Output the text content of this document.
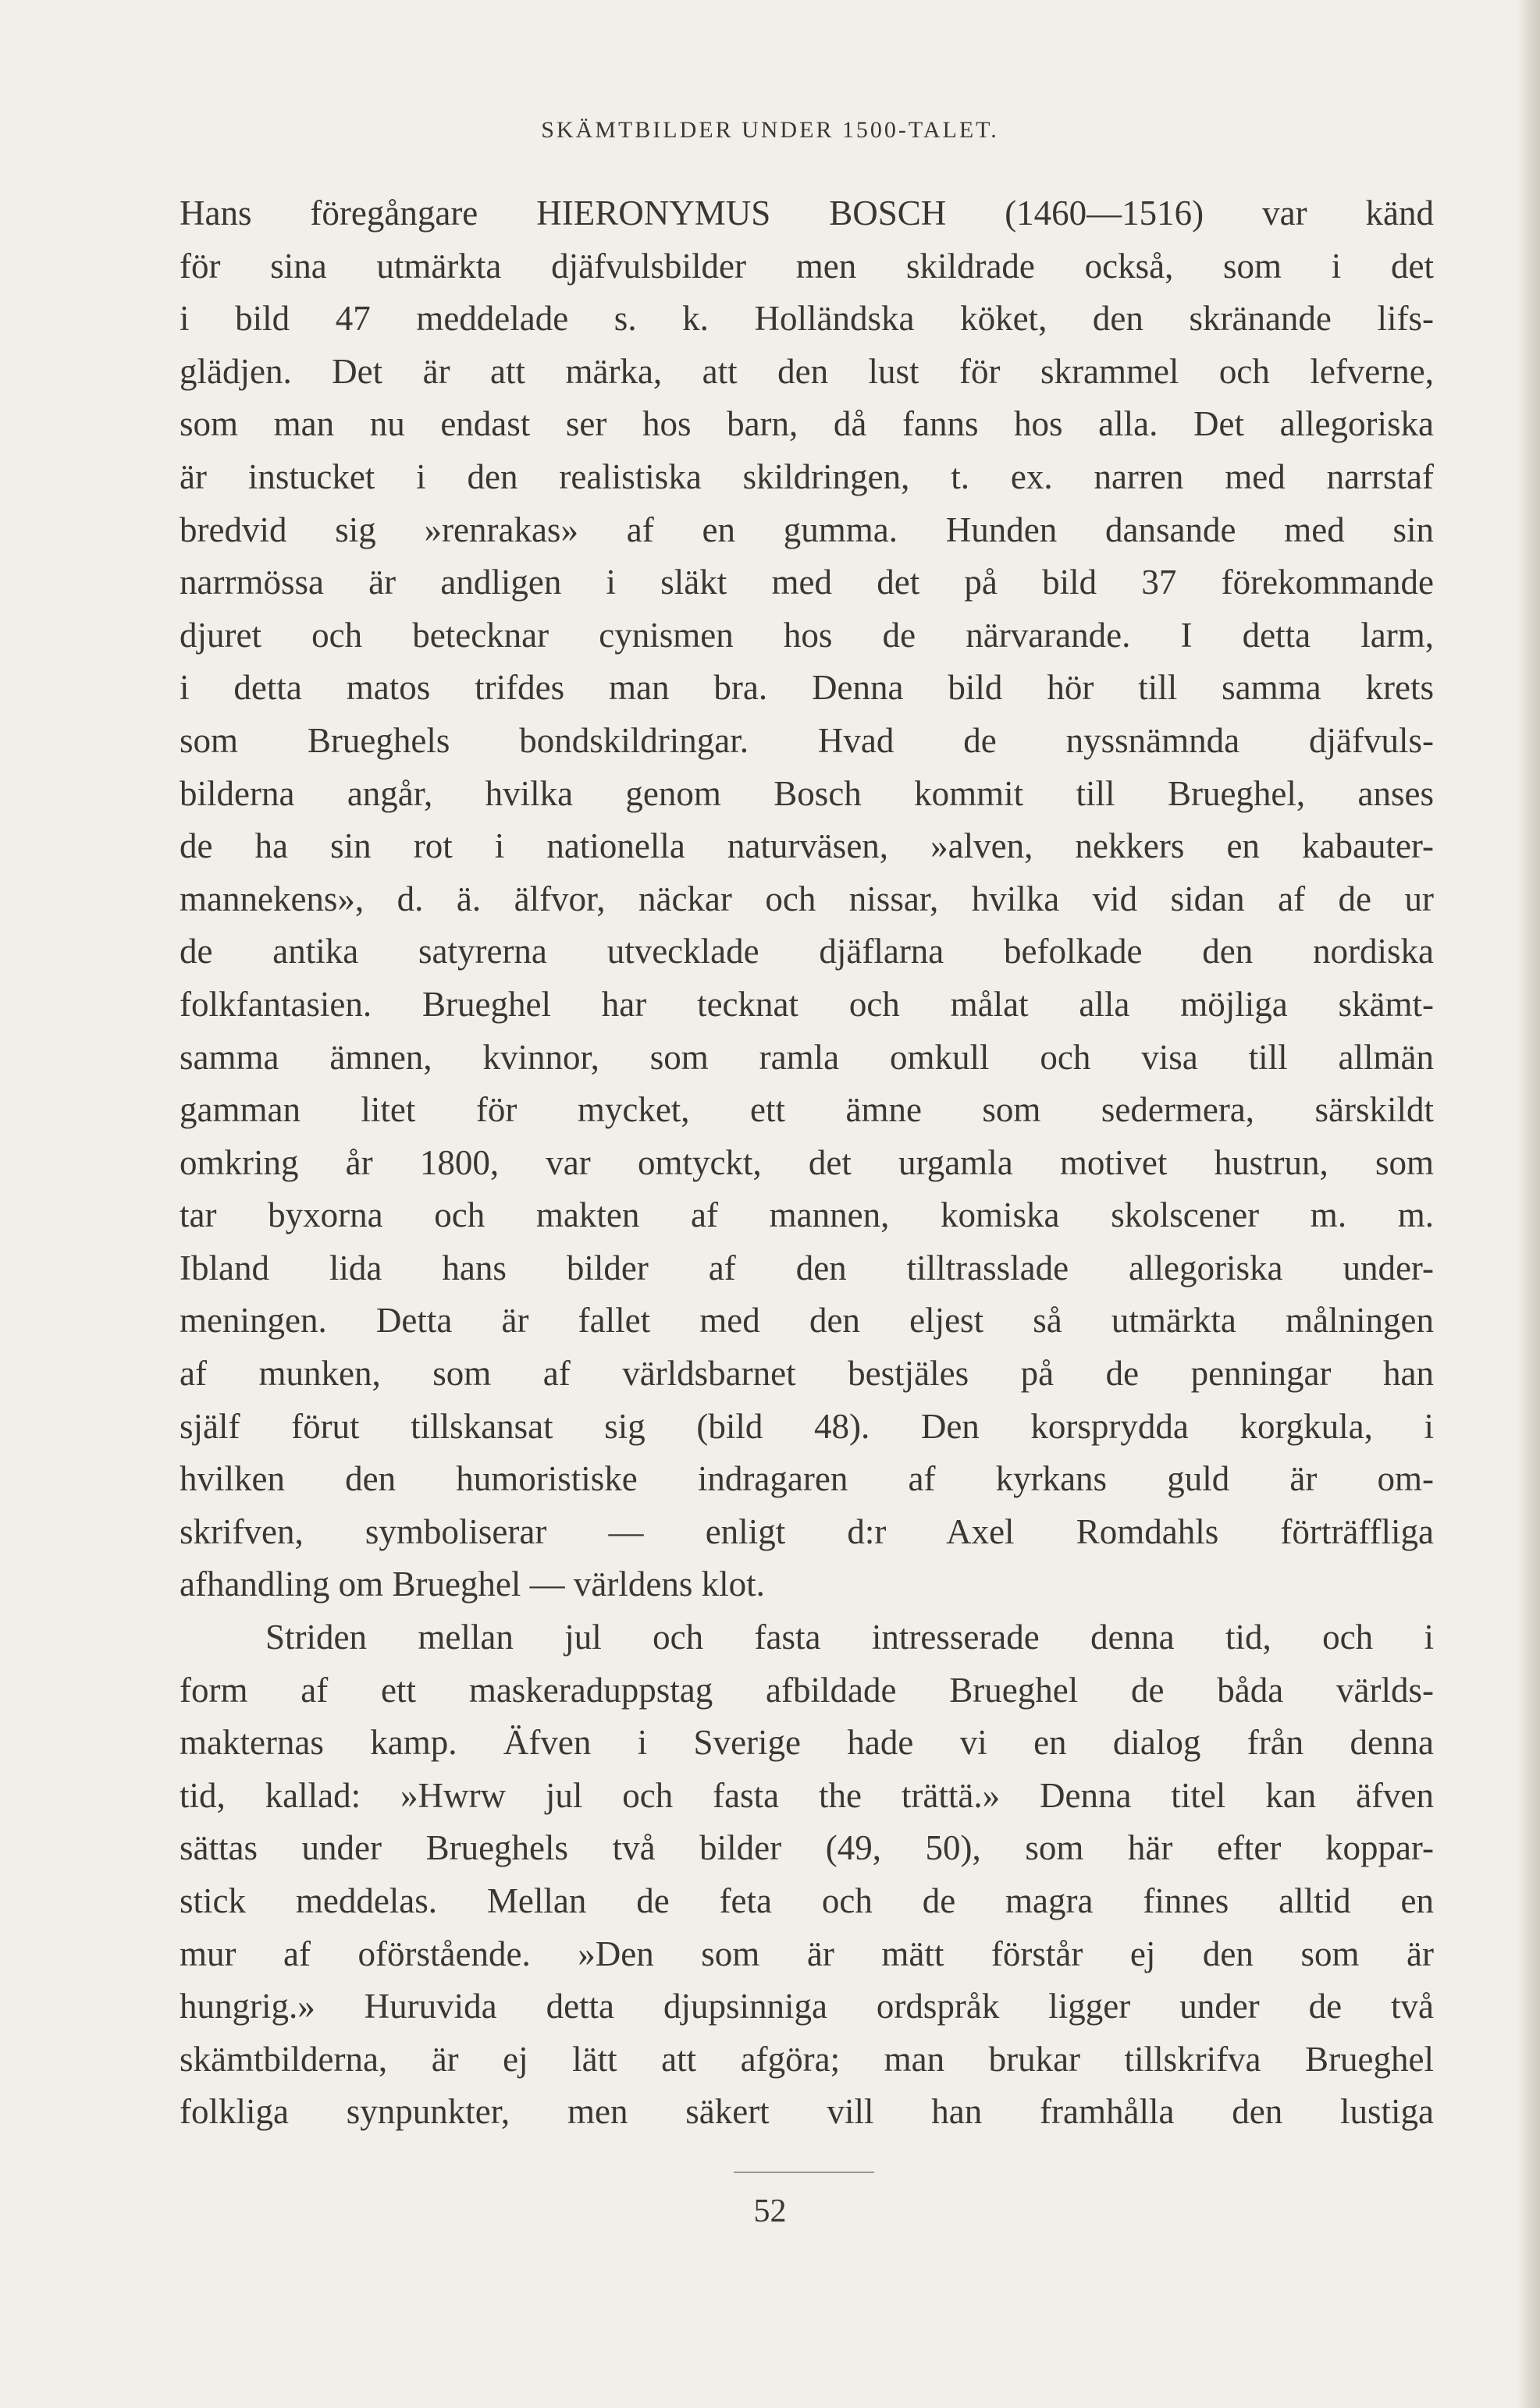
SKÄMTBILDER UNDER 1500-TALET.
Hans föregångare HIERONYMUS BOSCH (1460—1516) var känd
för sina utmärkta djäfvulsbilder men skildrade också, som i det
i bild 47 meddelade s. k. Holländska köket, den skränande lifs-
glädjen. Det är att märka, att den lust för skrammel och lefverne,
som man nu endast ser hos barn, då fanns hos alla. Det allegoriska
är instucket i den realistiska skildringen, t. ex. narren med narrstaf
bredvid sig »renrakas» af en gumma. Hunden dansande med sin
narrmössa är andligen i släkt med det på bild 37 förekommande
djuret och betecknar cynismen hos de närvarande. I detta larm,
i detta matos trifdes man bra. Denna bild hör till samma krets
som Brueghels bondskildringar. Hvad de nyssnämnda djäfvuls-
bilderna angår, hvilka genom Bosch kommit till Brueghel, anses
de ha sin rot i nationella naturväsen, »alven, nekkers en kabauter-
mannekens», d. ä. älfvor, näckar och nissar, hvilka vid sidan af de ur
de antika satyrerna utvecklade djäflarna befolkade den nordiska
folkfantasien. Brueghel har tecknat och målat alla möjliga skämt-
samma ämnen, kvinnor, som ramla omkull och visa till allmän
gamman litet för mycket, ett ämne som sedermera, särskildt
omkring år 1800, var omtyckt, det urgamla motivet hustrun, som
tar byxorna och makten af mannen, komiska skolscener m. m.
Ibland lida hans bilder af den tilltrasslade allegoriska under-
meningen. Detta är fallet med den eljest så utmärkta målningen
af munken, som af världsbarnet bestjäles på de penningar han
själf förut tillskansat sig (bild 48). Den korsprydda korgkula, i
hvilken den humoristiske indragaren af kyrkans guld är om-
skrifven, symboliserar — enligt d:r Axel Romdahls förträffliga
afhandling om Brueghel — världens klot.
Striden mellan jul och fasta intresserade denna tid, och i
form af ett maskeraduppstag afbildade Brueghel de båda världs-
makternas kamp. Äfven i Sverige hade vi en dialog från denna
tid, kallad: »Hwrw jul och fasta the trättä.» Denna titel kan äfven
sättas under Brueghels två bilder (49, 50), som här efter koppar-
stick meddelas. Mellan de feta och de magra finnes alltid en
mur af oförstående. »Den som är mätt förstår ej den som är
hungrig.» Huruvida detta djupsinniga ordspråk ligger under de två
skämtbilderna, är ej lätt att afgöra; man brukar tillskrifva Brueghel
folkliga synpunkter, men säkert vill han framhålla den lustiga
52
